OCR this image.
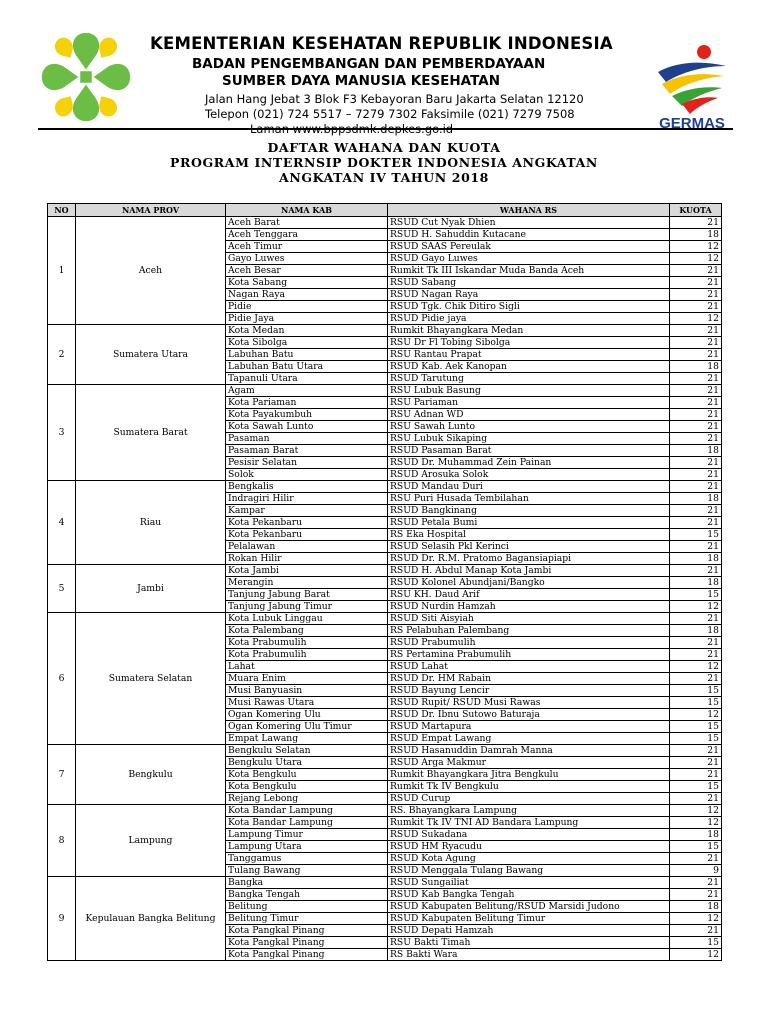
KEMENTERIAN KESEHATAN REPUBLIK INDONESIA
BADAN PENGEMBANGAN DAN PEMBERDAYAAN
SUMBER DAYA MANUSIA KESEHATAN
Jalan Hang Jebat 3 Blok F3 Kebayoran Baru Jakarta Selatan 12120
Telepon (021) 724 5517 – 7279 7302 Faksimile (021) 7279 7508
Laman www.bppsdmk.depkes.go.id	GERMAS
DAFTAR WAHANA DAN KUOTA
PROGRAM INTERNSIP DOKTER INDONESIA ANGKATAN
ANGKATAN IV TAHUN 2018
NO	NAMA PROV	NAMA KAB	WAHANA RS	KUOTA
1	Aceh	Aceh Barat	RSUD Cut Nyak Dhien	21
		Aceh Tenggara	RSUD H. Sahuddin Kutacane	18
		Aceh Timur	RSUD SAAS Pereulak	12
		Gayo Luwes	RSUD Gayo Luwes	12
		Aceh Besar	Rumkit Tk III Iskandar Muda Banda Aceh	21
		Kota Sabang	RSUD Sabang	21
		Nagan Raya	RSUD Nagan Raya	21
		Pidie	RSUD Tgk. Chik Ditiro Sigli	21
		Pidie Jaya	RSUD Pidie jaya	12
2	Sumatera Utara	Kota Medan	Rumkit Bhayangkara Medan	21
		Kota Sibolga	RSU Dr Fl Tobing Sibolga	21
		Labuhan Batu	RSU Rantau Prapat	21
		Labuhan Batu Utara	RSUD Kab. Aek Kanopan	18
		Tapanuli Utara	RSUD Tarutung	21
3	Sumatera Barat	Agam	RSU Lubuk Basung	21
		Kota Pariaman	RSU Pariaman	21
		Kota Payakumbuh	RSU Adnan WD	21
		Kota Sawah Lunto	RSU Sawah Lunto	21
		Pasaman	RSU Lubuk Sikaping	21
		Pasaman Barat	RSUD Pasaman Barat	18
		Pesisir Selatan	RSUD Dr. Muhammad Zein Painan	21
		Solok	RSUD Arosuka Solok	21
4	Riau	Bengkalis	RSUD Mandau Duri	21
		Indragiri Hilir	RSU Puri Husada Tembilahan	18
		Kampar	RSUD Bangkinang	21
		Kota Pekanbaru	RSUD Petala Bumi	21
		Kota Pekanbaru	RS Eka Hospital	15
		Pelalawan	RSUD Selasih Pkl Kerinci	21
		Rokan Hilir	RSUD Dr. R.M. Pratomo Bagansiapiapi	18
5	Jambi	Kota Jambi	RSUD H. Abdul Manap Kota Jambi	21
		Merangin	RSUD Kolonel Abundjani/Bangko	18
		Tanjung Jabung Barat	RSU KH. Daud Arif	15
		Tanjung Jabung Timur	RSUD Nurdin Hamzah	12
6	Sumatera Selatan	Kota Lubuk Linggau	RSUD Siti Aisyiah	21
		Kota Palembang	RS Pelabuhan Palembang	18
		Kota Prabumulih	RSUD Prabumulih	21
		Kota Prabumulih	RS Pertamina Prabumulih	21
		Lahat	RSUD Lahat	12
		Muara Enim	RSUD Dr. HM Rabain	21
		Musi Banyuasin	RSUD Bayung Lencir	15
		Musi Rawas Utara	RSUD Rupit/ RSUD Musi Rawas	15
		Ogan Komering Ulu	RSUD Dr. Ibnu Sutowo Baturaja	12
		Ogan Komering Ulu Timur	RSUD Martapura	15
		Empat Lawang	RSUD Empat Lawang	15
7	Bengkulu	Bengkulu Selatan	RSUD Hasanuddin Damrah Manna	21
		Bengkulu Utara	RSUD Arga Makmur	21
		Kota Bengkulu	Rumkit Bhayangkara Jitra Bengkulu	21
		Kota Bengkulu	Rumkit Tk IV Bengkulu	15
		Rejang Lebong	RSUD Curup	21
8	Lampung	Kota Bandar Lampung	RS. Bhayangkara Lampung	12
		Kota Bandar Lampung	Rumkit Tk IV TNI AD Bandara Lampung	12
		Lampung Timur	RSUD Sukadana	18
		Lampung Utara	RSUD HM Ryacudu	15
		Tanggamus	RSUD Kota Agung	21
		Tulang Bawang	RSUD Menggala Tulang Bawang	9
9	Kepulauan Bangka Belitung	Bangka	RSUD Sungailiat	21
		Bangka Tengah	RSUD Kab Bangka Tengah	21
		Belitung	RSUD Kabupaten Belitung/RSUD Marsidi Judono	18
		Belitung Timur	RSUD Kabupaten Belitung Timur	12
		Kota Pangkal Pinang	RSUD Depati Hamzah	21
		Kota Pangkal Pinang	RSU Bakti Timah	15
		Kota Pangkal Pinang	RS Bakti Wara	12
